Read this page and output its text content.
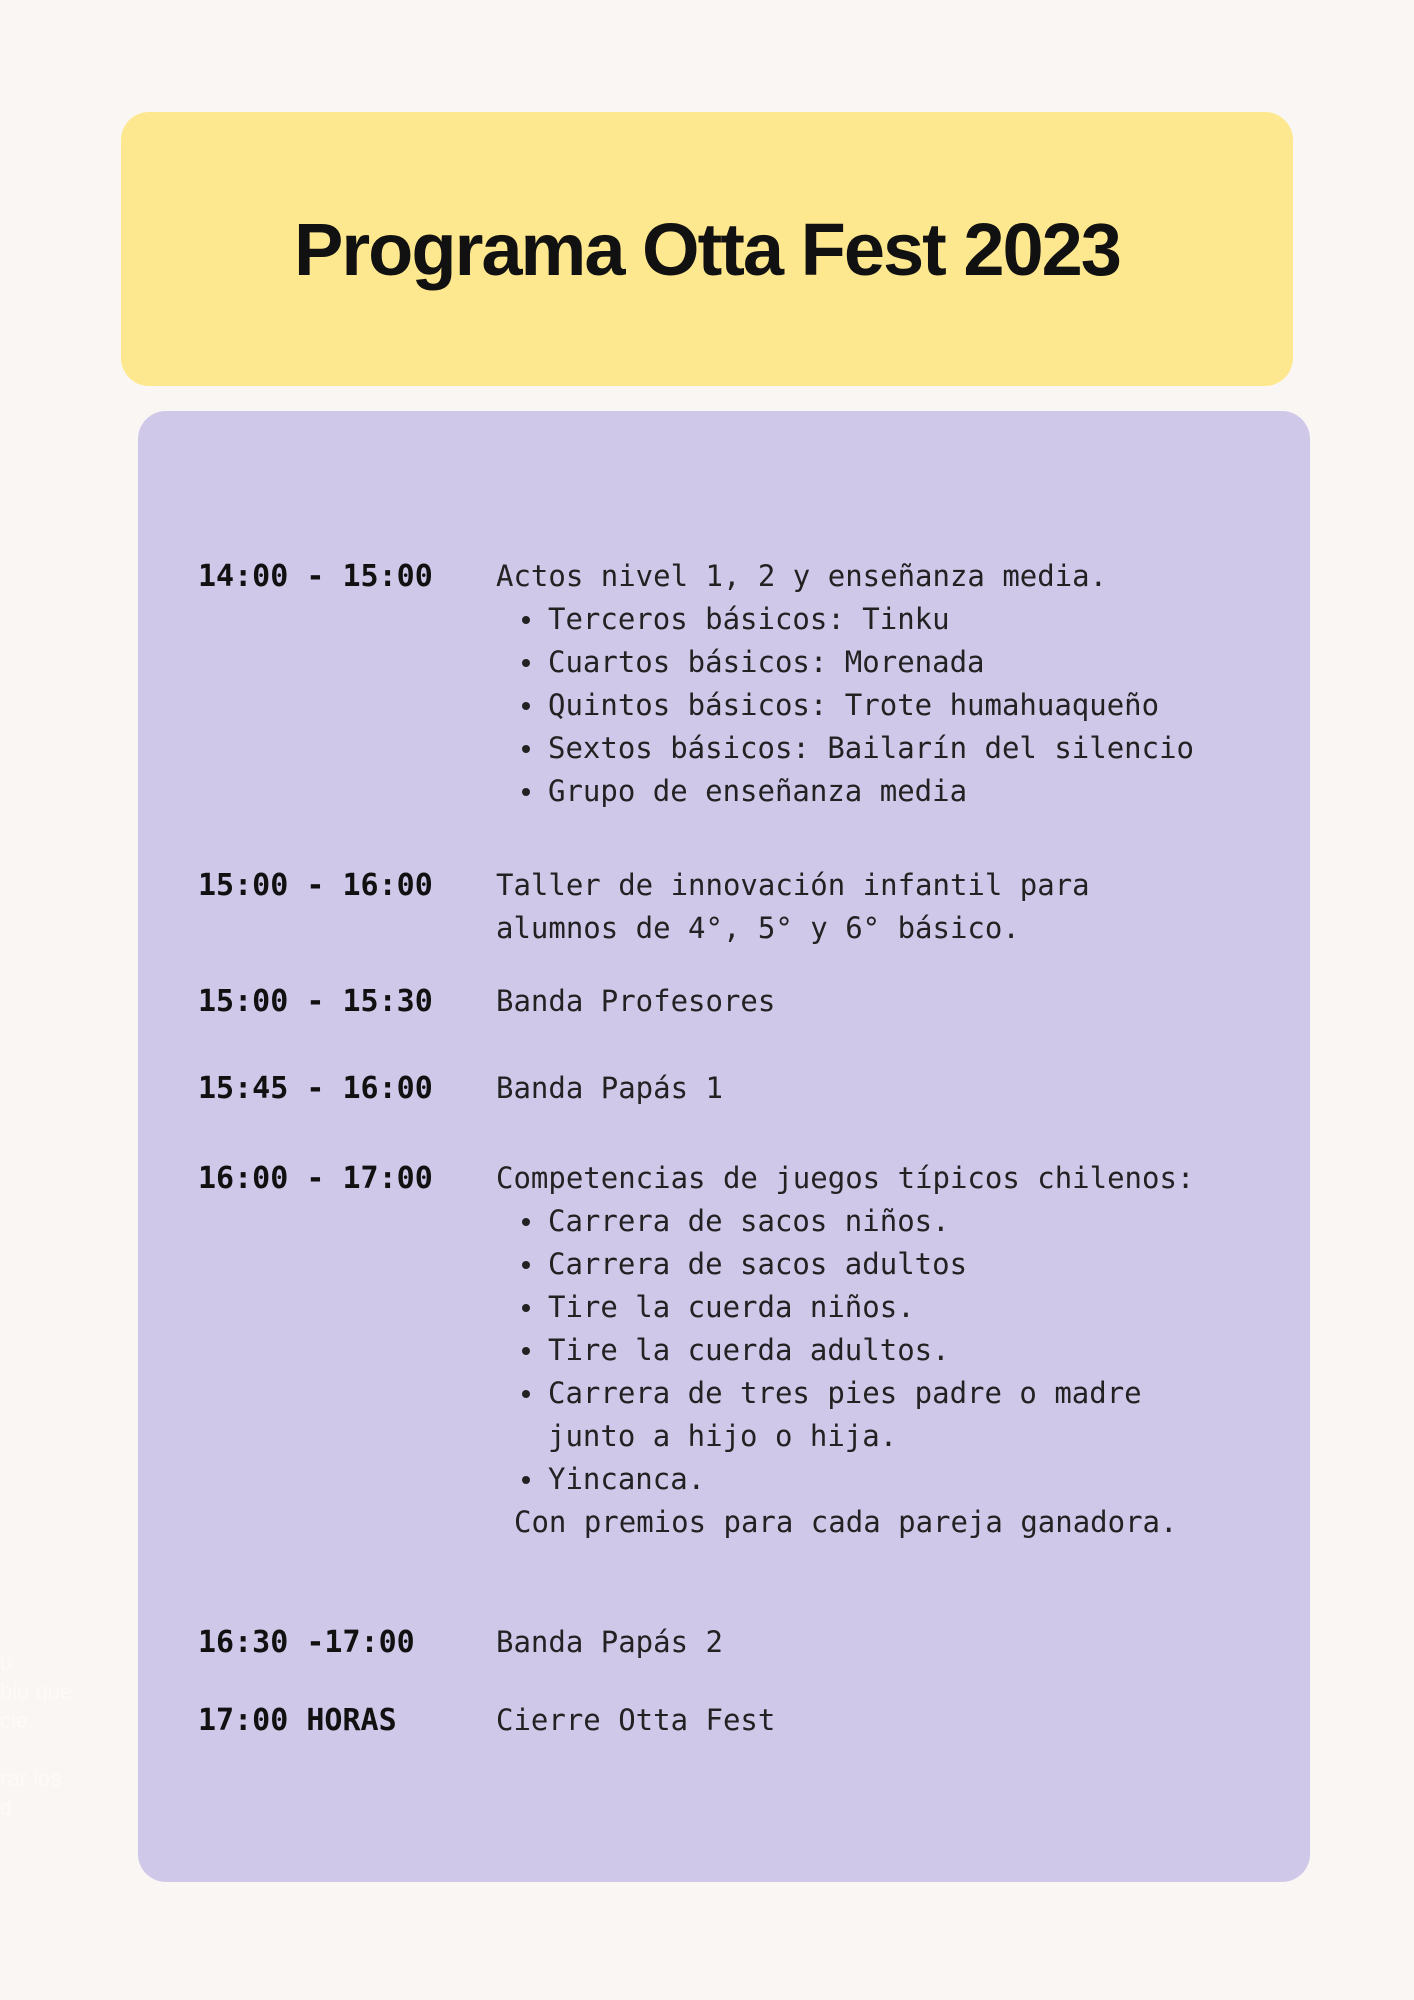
Programa Otta Fest 2023
14:00 - 15:00	Actos nivel 1, 2 y enseñanza media.

Terceros básicos: Tinku
Cuartos básicos: Morenada
Quintos básicos: Trote humahuaqueño
Sextos básicos: Bailarín del silencio
Grupo de enseñanza media
15:00 - 16:00	Taller de innovación infantil para

alumnos de 4°, 5° y 6° básico.

15:00 - 15:30	Banda Profesores

15:45 - 16:00	Banda Papás 1

16:00 - 17:00	Competencias de juegos típicos chilenos:

Carrera de sacos niños.
Carrera de sacos adultos
Tire la cuerda niños.
Tire la cuerda adultos.
Carrera de tres pies padre o madre junto a hijo o hija.
Yincanca.

Con premios para cada pareja ganadora.

16:30 -17:00	Banda Papás 2

17:00 HORAS	Cierre Otta Fest

u
bio que
cie.
rar los
d
